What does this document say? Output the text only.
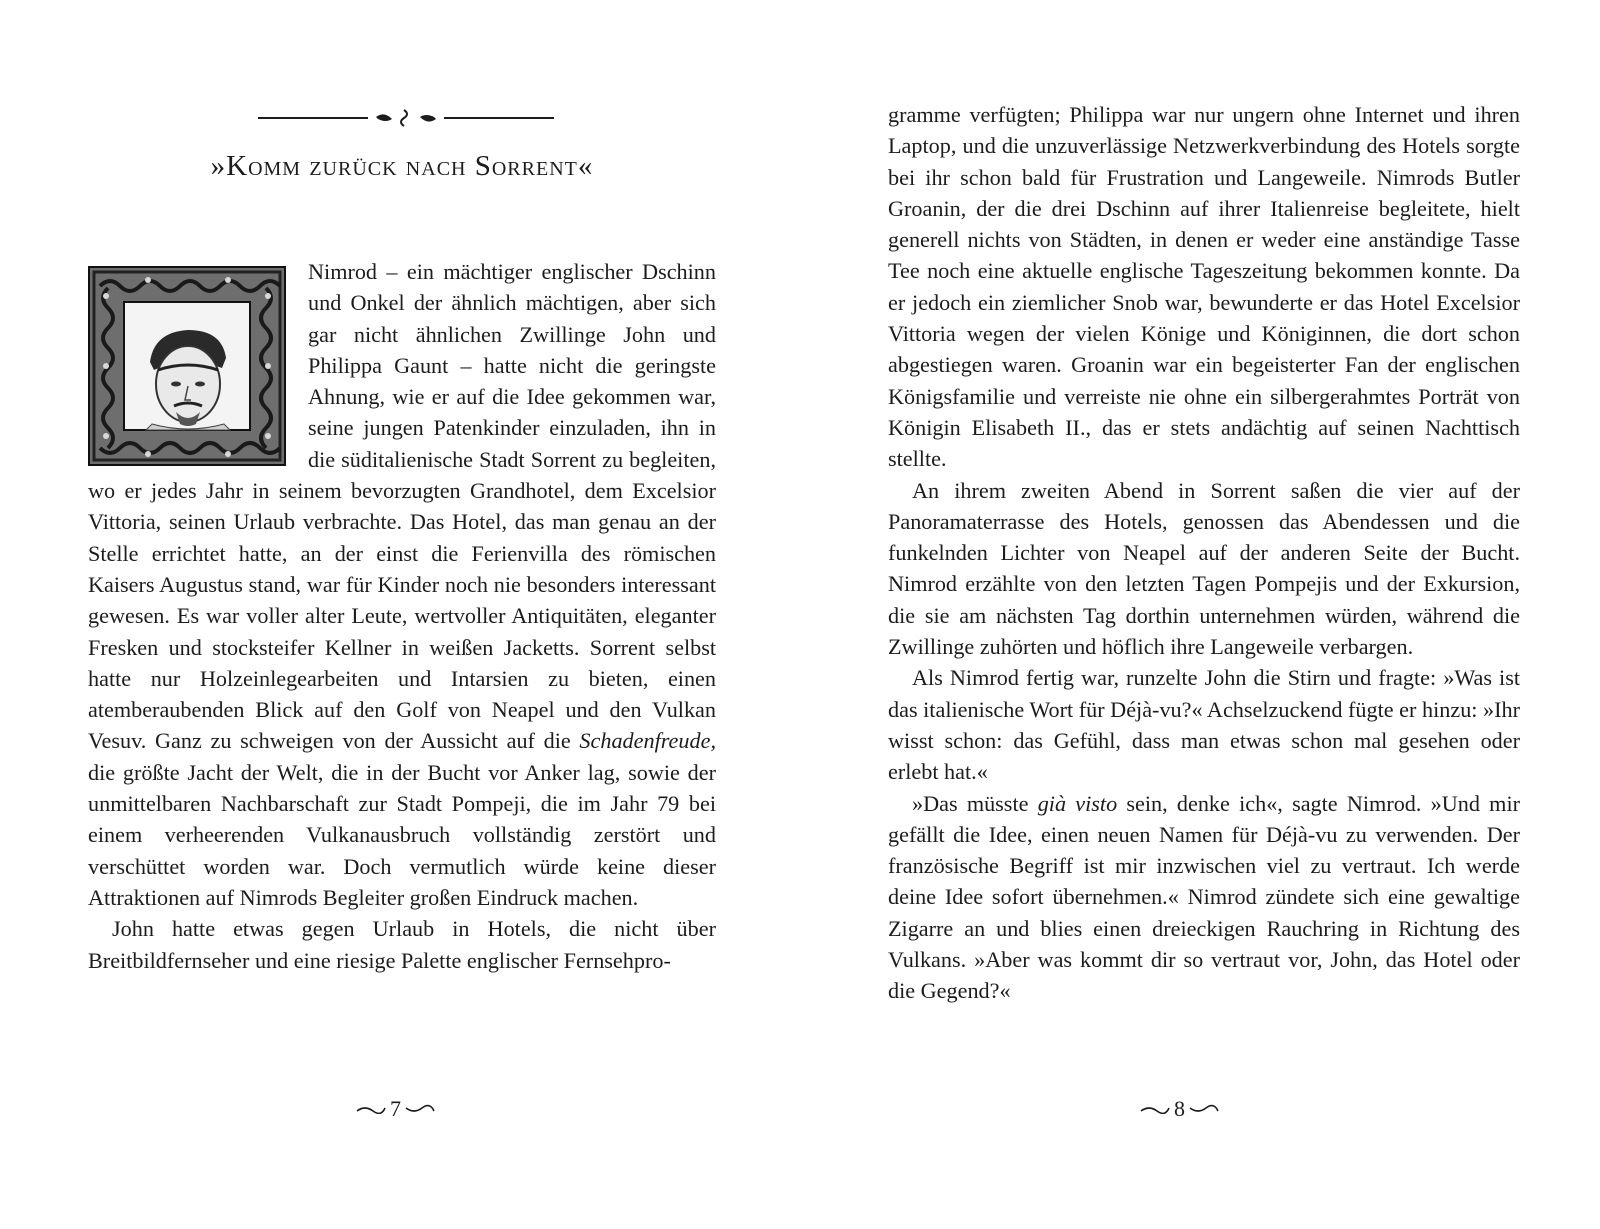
»Komm zurück nach Sorrent«

Nimrod – ein mächtiger englischer Dschinn und Onkel der ähnlich mächtigen, aber sich gar nicht ähnlichen Zwillinge John und Philippa Gaunt – hatte nicht die geringste Ahnung, wie er auf die Idee gekommen war, seine jungen Patenkinder einzuladen, ihn in die süditalienische Stadt Sorrent zu begleiten, wo er jedes Jahr in seinem bevorzugten Grandhotel, dem Excelsior Vittoria, seinen Urlaub verbrachte. Das Hotel, das man genau an der Stelle errichtet hatte, an der einst die Ferienvilla des römischen Kaisers Augustus stand, war für Kinder noch nie besonders interessant gewesen. Es war voller alter Leute, wertvoller Antiquitäten, eleganter Fresken und stocksteifer Kellner in weißen Jacketts. Sorrent selbst hatte nur Holzeinlegearbeiten und Intarsien zu bieten, einen atemberaubenden Blick auf den Golf von Neapel und den Vulkan Vesuv. Ganz zu schweigen von der Aussicht auf die Schadenfreude, die größte Jacht der Welt, die in der Bucht vor Anker lag, sowie der unmittelbaren Nachbarschaft zur Stadt Pompeji, die im Jahr 79 bei einem verheerenden Vulkanausbruch vollständig zerstört und verschüttet worden war. Doch vermutlich würde keine dieser Attraktionen auf Nimrods Begleiter großen Eindruck machen.

John hatte etwas gegen Urlaub in Hotels, die nicht über Breitbildfernseher und eine riesige Palette englischer Fernsehpro-

gramme verfügten; Philippa war nur ungern ohne Internet und ihren Laptop, und die unzuverlässige Netzwerkverbindung des Hotels sorgte bei ihr schon bald für Frustration und Langeweile. Nimrods Butler Groanin, der die drei Dschinn auf ihrer Italienreise begleitete, hielt generell nichts von Städten, in denen er weder eine anständige Tasse Tee noch eine aktuelle englische Tageszeitung bekommen konnte. Da er jedoch ein ziemlicher Snob war, bewunderte er das Hotel Excelsior Vittoria wegen der vielen Könige und Königinnen, die dort schon abgestiegen waren. Groanin war ein begeisterter Fan der englischen Königsfamilie und verreiste nie ohne ein silbergerahmtes Porträt von Königin Elisabeth II., das er stets andächtig auf seinen Nachttisch stellte.

An ihrem zweiten Abend in Sorrent saßen die vier auf der Panoramaterrasse des Hotels, genossen das Abendessen und die funkelnden Lichter von Neapel auf der anderen Seite der Bucht. Nimrod erzählte von den letzten Tagen Pompejis und der Exkursion, die sie am nächsten Tag dorthin unternehmen würden, während die Zwillinge zuhörten und höflich ihre Langeweile verbargen.

Als Nimrod fertig war, runzelte John die Stirn und fragte: »Was ist das italienische Wort für Déjà-vu?« Achselzuckend fügte er hinzu: »Ihr wisst schon: das Gefühl, dass man etwas schon mal gesehen oder erlebt hat.«

»Das müsste già visto sein, denke ich«, sagte Nimrod. »Und mir gefällt die Idee, einen neuen Namen für Déjà-vu zu verwenden. Der französische Begriff ist mir inzwischen viel zu vertraut. Ich werde deine Idee sofort übernehmen.« Nimrod zündete sich eine gewaltige Zigarre an und blies einen dreieckigen Rauchring in Richtung des Vulkans. »Aber was kommt dir so vertraut vor, John, das Hotel oder die Gegend?«

7	8
